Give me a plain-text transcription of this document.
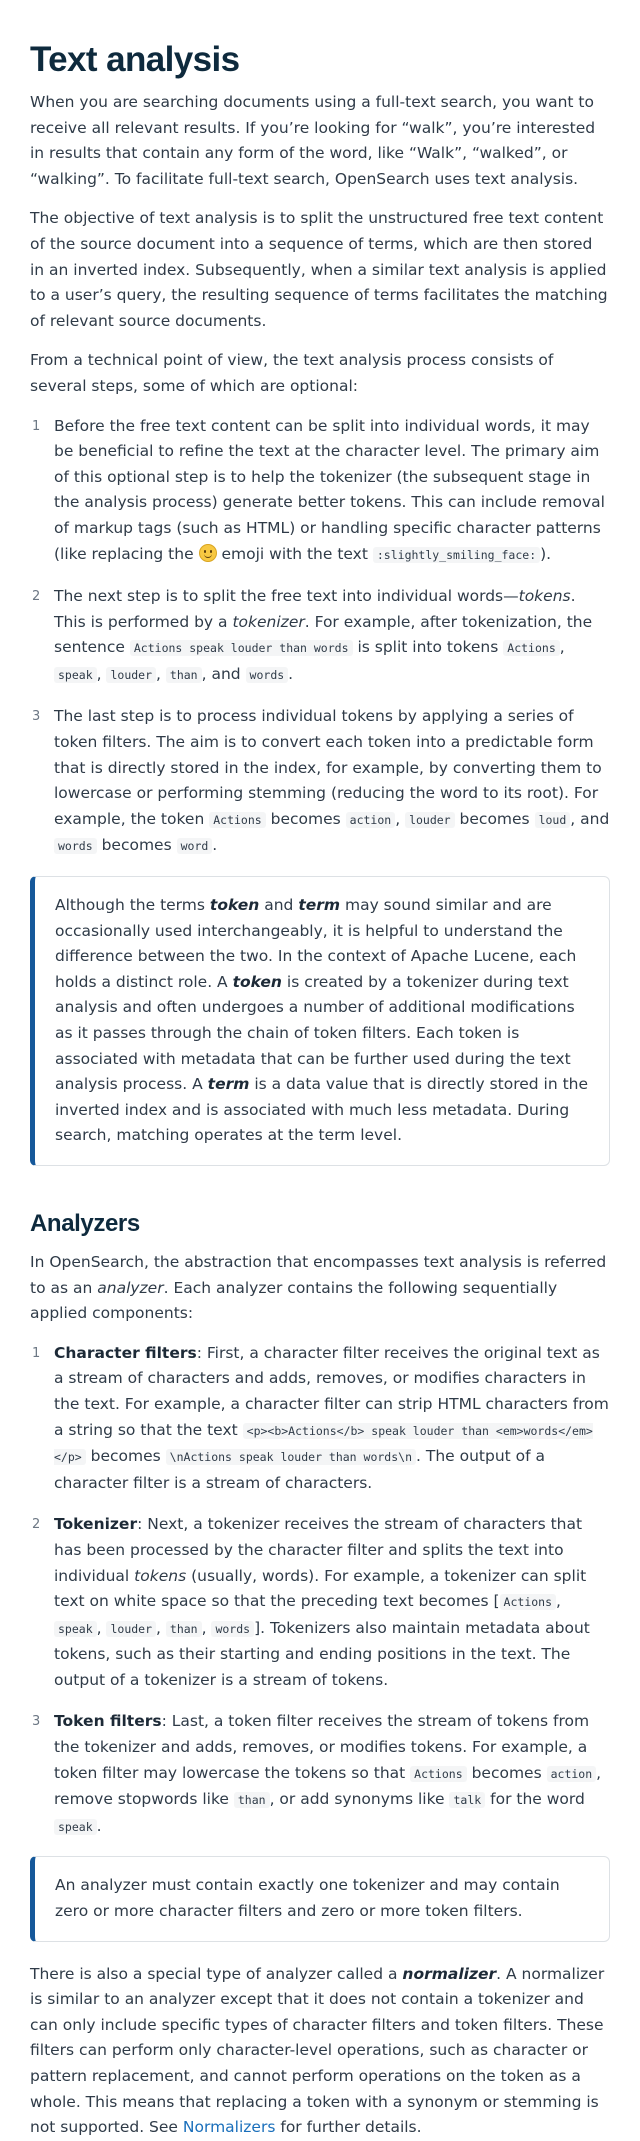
Text analysis

When you are searching documents using a full-text search, you want to receive all relevant results. If you’re looking for “walk”, you’re interested in results that contain any form of the word, like “Walk”, “walked”, or “walking”. To facilitate full-text search, OpenSearch uses text analysis.

The objective of text analysis is to split the unstructured free text content of the source document into a sequence of terms, which are then stored in an inverted index. Subsequently, when a similar text analysis is applied to a user’s query, the resulting sequence of terms facilitates the matching of relevant source documents.

From a technical point of view, the text analysis process consists of several steps, some of which are optional:

1 Before the free text content can be split into individual words, it may be beneficial to refine the text at the character level. The primary aim of this optional step is to help the tokenizer (the subsequent stage in the analysis process) generate better tokens. This can include removal of markup tags (such as HTML) or handling specific character patterns (like replacing the emoji with the text :slightly_smiling_face: ).
2 The next step is to split the free text into individual words—tokens. This is performed by a tokenizer. For example, after tokenization, the sentence Actions speak louder than words is split into tokens Actions , speak , louder , than , and words .
3 The last step is to process individual tokens by applying a series of token filters. The aim is to convert each token into a predictable form that is directly stored in the index, for example, by converting them to lowercase or performing stemming (reducing the word to its root). For example, the token Actions becomes action , louder becomes loud , and words becomes word .
Although the terms token and term may sound similar and are occasionally used interchangeably, it is helpful to understand the difference between the two. In the context of Apache Lucene, each holds a distinct role. A token is created by a tokenizer during text analysis and often undergoes a number of additional modifications as it passes through the chain of token filters. Each token is associated with metadata that can be further used during the text analysis process. A term is a data value that is directly stored in the inverted index and is associated with much less metadata. During search, matching operates at the term level.
Analyzers

In OpenSearch, the abstraction that encompasses text analysis is referred to as an analyzer. Each analyzer contains the following sequentially applied components:

1 Character filters: First, a character filter receives the original text as a stream of characters and adds, removes, or modifies characters in the text. For example, a character filter can strip HTML characters from a string so that the text <p><b>Actions</b> speak louder than <em>words</em></p> becomes \nActions speak louder than words\n . The output of a character filter is a stream of characters.
2 Tokenizer: Next, a tokenizer receives the stream of characters that has been processed by the character filter and splits the text into individual tokens (usually, words). For example, a tokenizer can split text on white space so that the preceding text becomes [ Actions , speak , louder , than , words ]. Tokenizers also maintain metadata about tokens, such as their starting and ending positions in the text. The output of a tokenizer is a stream of tokens.
3 Token filters: Last, a token filter receives the stream of tokens from the tokenizer and adds, removes, or modifies tokens. For example, a token filter may lowercase the tokens so that Actions becomes action , remove stopwords like than , or add synonyms like talk for the word speak .
An analyzer must contain exactly one tokenizer and may contain zero or more character filters and zero or more token filters.

There is also a special type of analyzer called a normalizer. A normalizer is similar to an analyzer except that it does not contain a tokenizer and can only include specific types of character filters and token filters. These filters can perform only character-level operations, such as character or pattern replacement, and cannot perform operations on the token as a whole. This means that replacing a token with a synonym or stemming is not supported. See Normalizers for further details.
